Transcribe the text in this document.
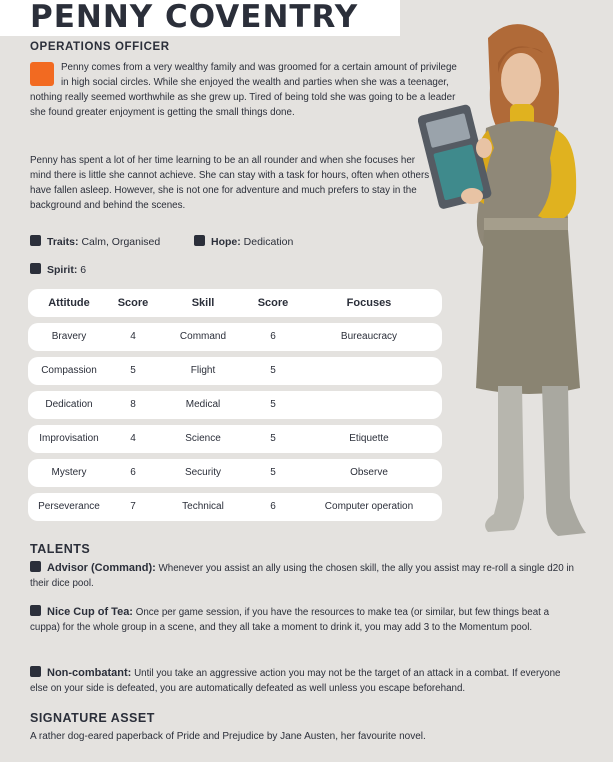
PENNY COVENTRY
OPERATIONS OFFICER

Penny comes from a very wealthy family and was groomed for a certain amount of privilege in high social circles. While she enjoyed the wealth and parties when she was a teenager, nothing really seemed worthwhile as she grew up. Tired of being told she was going to be a leader she found greater enjoyment is getting the small things done.

Penny has spent a lot of her time learning to be an all rounder and when she focuses her mind there is little she cannot achieve. She can stay with a task for hours, often when others have fallen asleep. However, she is not one for adventure and much prefers to stay in the background and behind the scenes.

Traits: Calm, Organised	Hope: Dedication
Spirit: 6
Attitude	Score	Skill	Score	Focuses
Bravery	4	Command	6	Bureaucracy
Compassion	5	Flight	5
Dedication	8	Medical	5
Improvisation	4	Science	5	Etiquette
Mystery	6	Security	5	Observe
Perseverance	7	Technical	6	Computer operation
TALENTS

Advisor (Command): Whenever you assist an ally using the chosen skill, the ally you assist may re-roll a single d20 in their dice pool.

Nice Cup of Tea: Once per game session, if you have the resources to make tea (or similar, but few things beat a cuppa) for the whole group in a scene, and they all take a moment to drink it, you may add 3 to the Momentum pool.

Non-combatant: Until you take an aggressive action you may not be the target of an attack in a combat. If everyone else on your side is defeated, you are automatically defeated as well unless you escape beforehand.

SIGNATURE ASSET

A rather dog-eared paperback of Pride and Prejudice by Jane Austen, her favourite novel.
